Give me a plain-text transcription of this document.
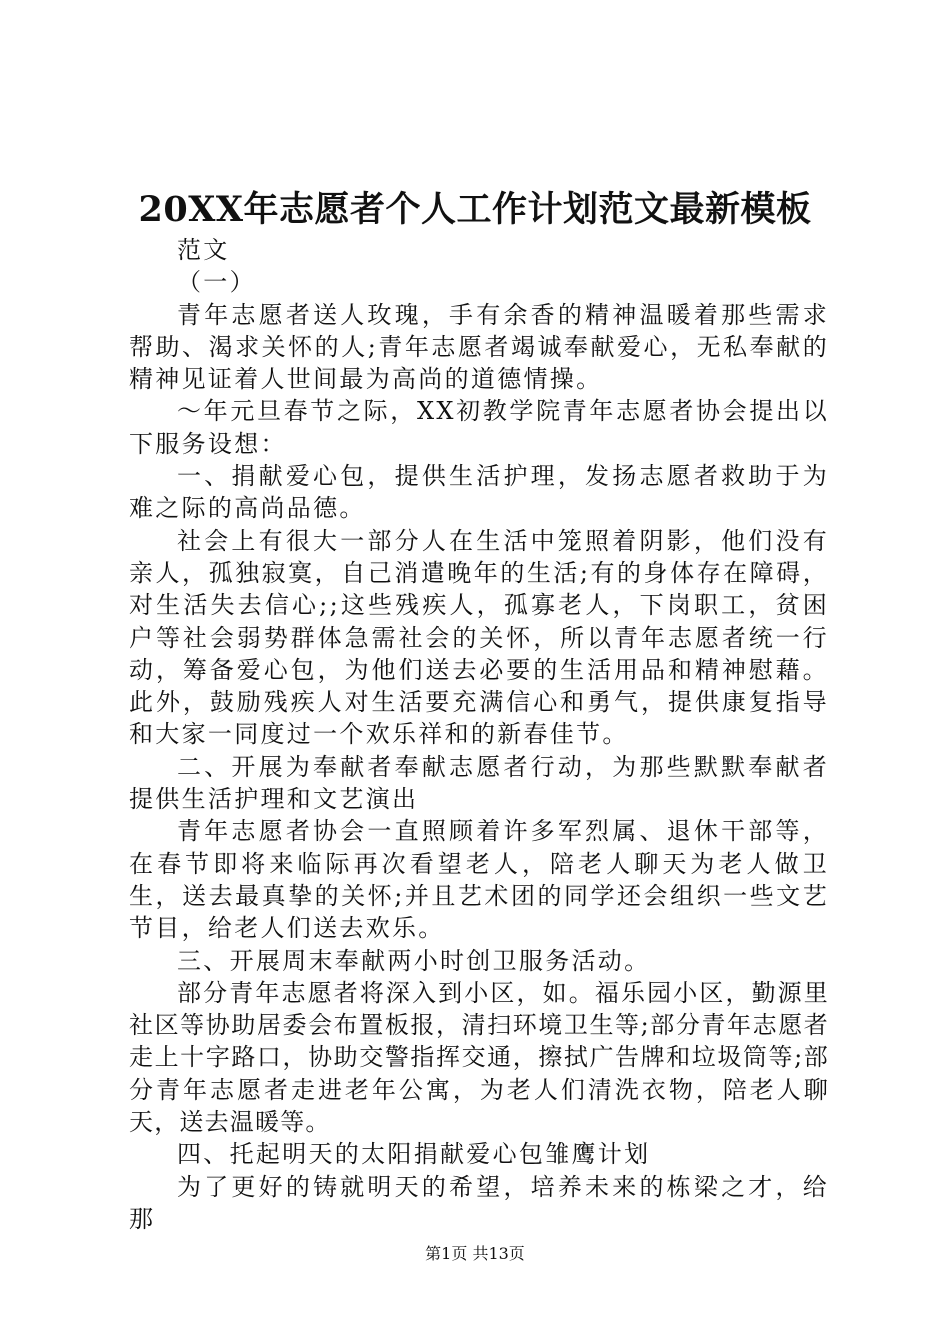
20XX年志愿者个人工作计划范文最新模板

范文

（一）

青年志愿者送人玫瑰，手有余香的精神温暖着那些需求帮助、渴求关怀的人;青年志愿者竭诚奉献爱心，无私奉献的精神见证着人世间最为高尚的道德情操。

～年元旦春节之际，XX初教学院青年志愿者协会提出以下服务设想：

一、捐献爱心包，提供生活护理，发扬志愿者救助于为难之际的高尚品德。

社会上有很大一部分人在生活中笼照着阴影，他们没有亲人，孤独寂寞，自己消遣晚年的生活;有的身体存在障碍，对生活失去信心;;这些残疾人，孤寡老人，下岗职工，贫困户等社会弱势群体急需社会的关怀，所以青年志愿者统一行动，筹备爱心包，为他们送去必要的生活用品和精神慰藉。此外，鼓励残疾人对生活要充满信心和勇气，提供康复指导和大家一同度过一个欢乐祥和的新春佳节。

二、开展为奉献者奉献志愿者行动，为那些默默奉献者提供生活护理和文艺演出

青年志愿者协会一直照顾着许多军烈属、退休干部等，在春节即将来临际再次看望老人，陪老人聊天为老人做卫生，送去最真挚的关怀;并且艺术团的同学还会组织一些文艺节目，给老人们送去欢乐。

三、开展周末奉献两小时创卫服务活动。

部分青年志愿者将深入到小区，如。福乐园小区，勤源里社区等协助居委会布置板报，清扫环境卫生等;部分青年志愿者走上十字路口，协助交警指挥交通，擦拭广告牌和垃圾筒等;部分青年志愿者走进老年公寓，为老人们清洗衣物，陪老人聊天，送去温暖等。

四、托起明天的太阳捐献爱心包雏鹰计划

为了更好的铸就明天的希望，培养未来的栋梁之才，给那

第1页 共13页
